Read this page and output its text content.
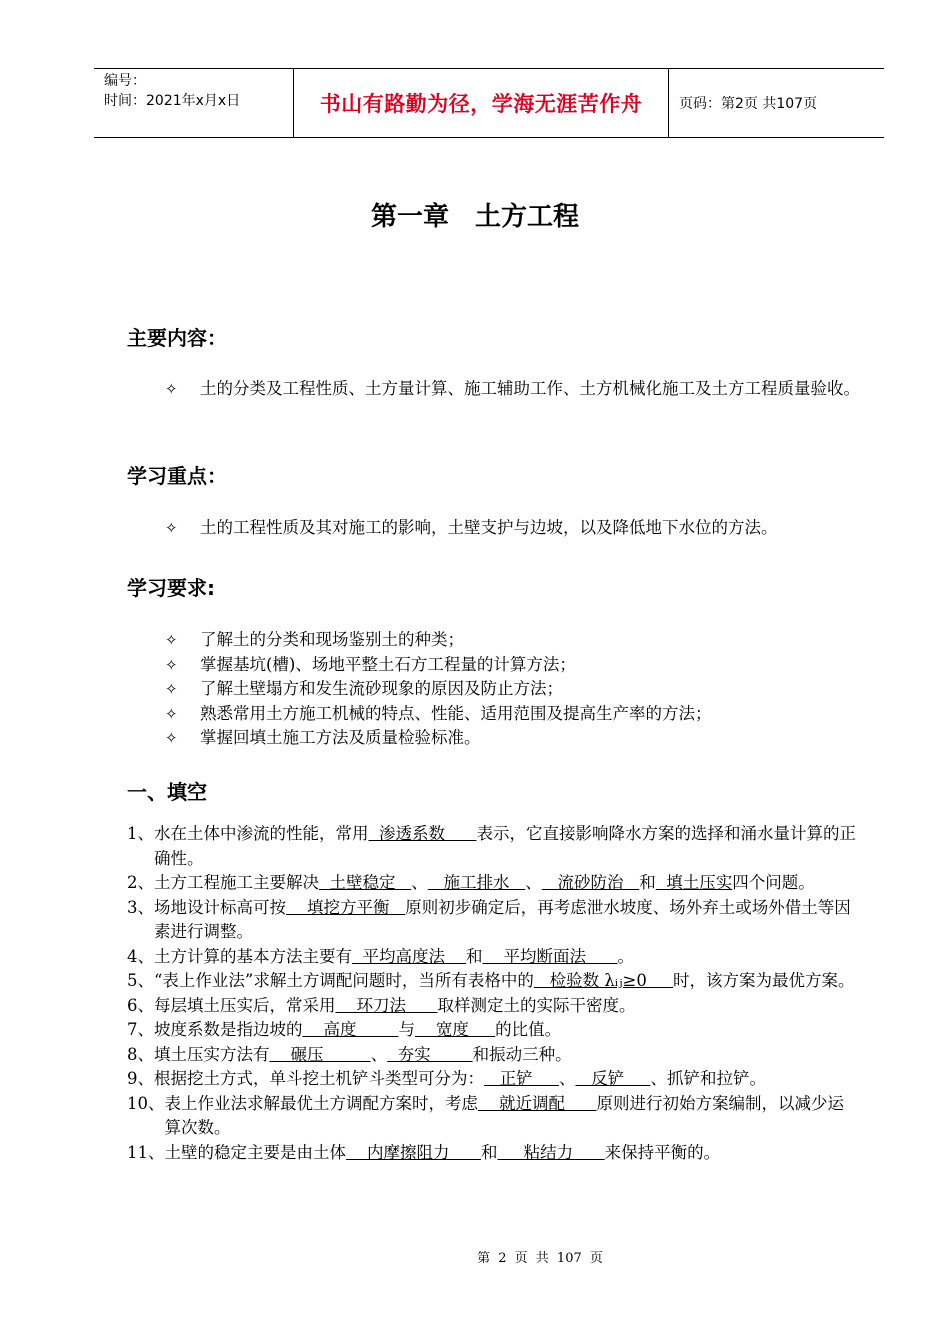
编号：
时间：2021年x月x日	书山有路勤为径，学海无涯苦作舟	页码：第2页 共107页
第一章　土方工程
主要内容：
✧	土的分类及工程性质、土方量计算、施工辅助工作、土方机械化施工及土方工程质量验收。
学习重点：
✧	土的工程性质及其对施工的影响，土壁支护与边坡，以及降低地下水位的方法。
学习要求:
✧	了解土的分类和现场鉴别土的种类；
✧	掌握基坑(槽)、场地平整土石方工程量的计算方法；
✧	了解土壁塌方和发生流砂现象的原因及防止方法；
✧	熟悉常用土方施工机械的特点、性能、适用范围及提高生产率的方法；
✧	掌握回填土施工方法及质量检验标准。
一、填空
1、 水在土体中渗流的性能，常用  渗透系数      表示，它直接影响降水方案的选择和涌水量计算的正确性。
2、 土方工程施工主要解决  土壁稳定   、   施工排水   、   流砂防治   和  填土压实四个问题。
3、 场地设计标高可按    填挖方平衡   原则初步确定后，再考虑泄水坡度、场外弃土或场外借土等因素进行调整。
4、 土方计算的基本方法主要有  平均高度法    和    平均断面法      。
5、 “表上作业法”求解土方调配问题时，当所有表格中的   检验数 λᵢⱼ≥0     时，该方案为最优方案。
6、 每层填土压实后，常采用    环刀法      取样测定土的实际干密度。
7、 坡度系数是指边坡的    高度        与    宽度     的比值。
8、 填土压实方法有    碾压         、  夯实        和振动三种。
9、 根据挖土方式，单斗挖土机铲斗类型可分为：   正铲     、   反铲     、抓铲和拉铲。
10、 表上作业法求解最优土方调配方案时，考虑    就近调配      原则进行初始方案编制，以减少运算次数。
11、 土壁的稳定主要是由土体    内摩擦阻力      和     粘结力      来保持平衡的。
第 2 页 共 107 页
